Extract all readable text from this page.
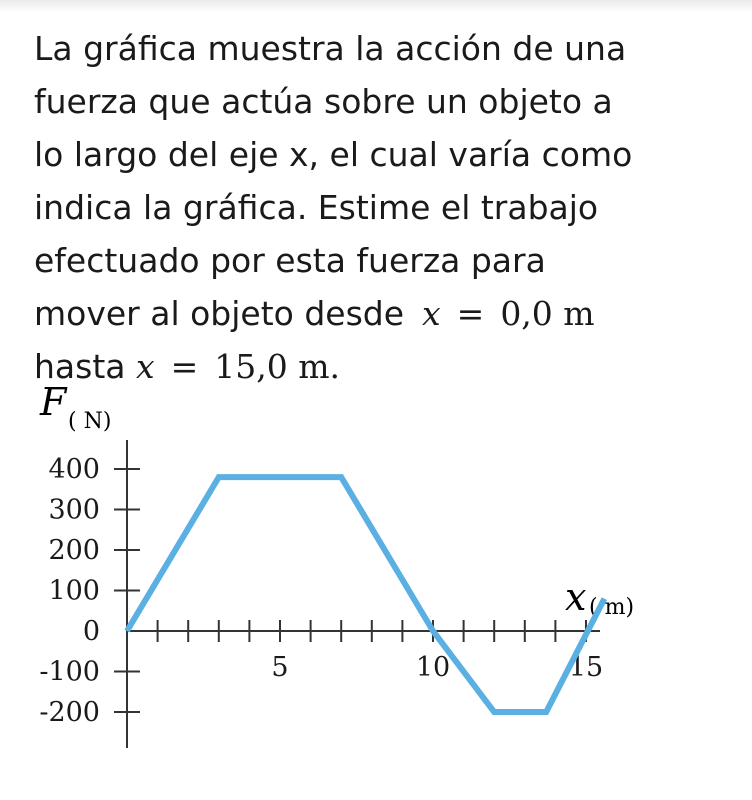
La gráfica muestra la acción de una
fuerza que actúa sobre un objeto a
lo largo del eje x, el cual varía como
indica la gráfica. Estime el trabajo
efectuado por esta fuerza para
mover al objeto desde x = 0,0 m
hasta x = 15,0 m.
F ( N)
x ( m)
400
300
200
100
0
-100
-200
5	10	15
